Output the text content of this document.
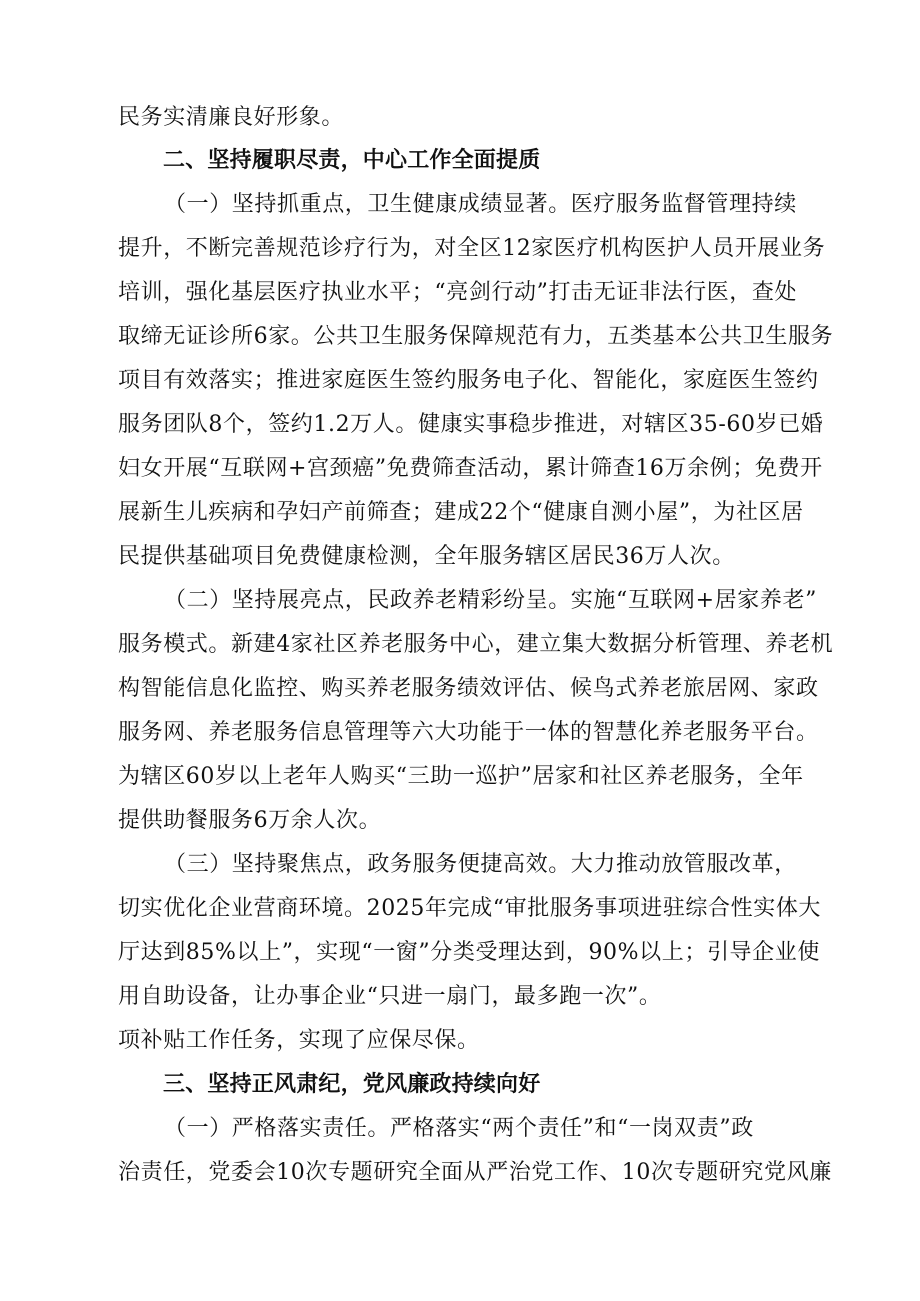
民务实清廉良好形象。
二、坚持履职尽责，中心工作全面提质
（一）坚持抓重点，卫生健康成绩显著。医疗服务监督管理持续
提升，不断完善规范诊疗行为，对全区12家医疗机构医护人员开展业务
培训，强化基层医疗执业水平；“亮剑行动”打击无证非法行医，查处
取缔无证诊所6家。公共卫生服务保障规范有力，五类基本公共卫生服务
项目有效落实；推进家庭医生签约服务电子化、智能化，家庭医生签约
服务团队8个，签约1.2万人。健康实事稳步推进，对辖区35-60岁已婚
妇女开展“互联网+宫颈癌”免费筛查活动，累计筛查16万余例；免费开
展新生儿疾病和孕妇产前筛查；建成22个“健康自测小屋”，为社区居
民提供基础项目免费健康检测，全年服务辖区居民36万人次。
（二）坚持展亮点，民政养老精彩纷呈。实施“互联网+居家养老”
服务模式。新建4家社区养老服务中心，建立集大数据分析管理、养老机
构智能信息化监控、购买养老服务绩效评估、候鸟式养老旅居网、家政
服务网、养老服务信息管理等六大功能于一体的智慧化养老服务平台。
为辖区60岁以上老年人购买“三助一巡护”居家和社区养老服务，全年
提供助餐服务6万余人次。
（三）坚持聚焦点，政务服务便捷高效。大力推动放管服改革，
切实优化企业营商环境。2025年完成“审批服务事项进驻综合性实体大
厅达到85%以上”，实现“一窗”分类受理达到，90%以上；引导企业使
用自助设备，让办事企业“只进一扇门，最多跑一次”。
项补贴工作任务，实现了应保尽保。
三、坚持正风肃纪，党风廉政持续向好
（一）严格落实责任。严格落实“两个责任”和“一岗双责”政
治责任，党委会10次专题研究全面从严治党工作、10次专题研究党风廉
